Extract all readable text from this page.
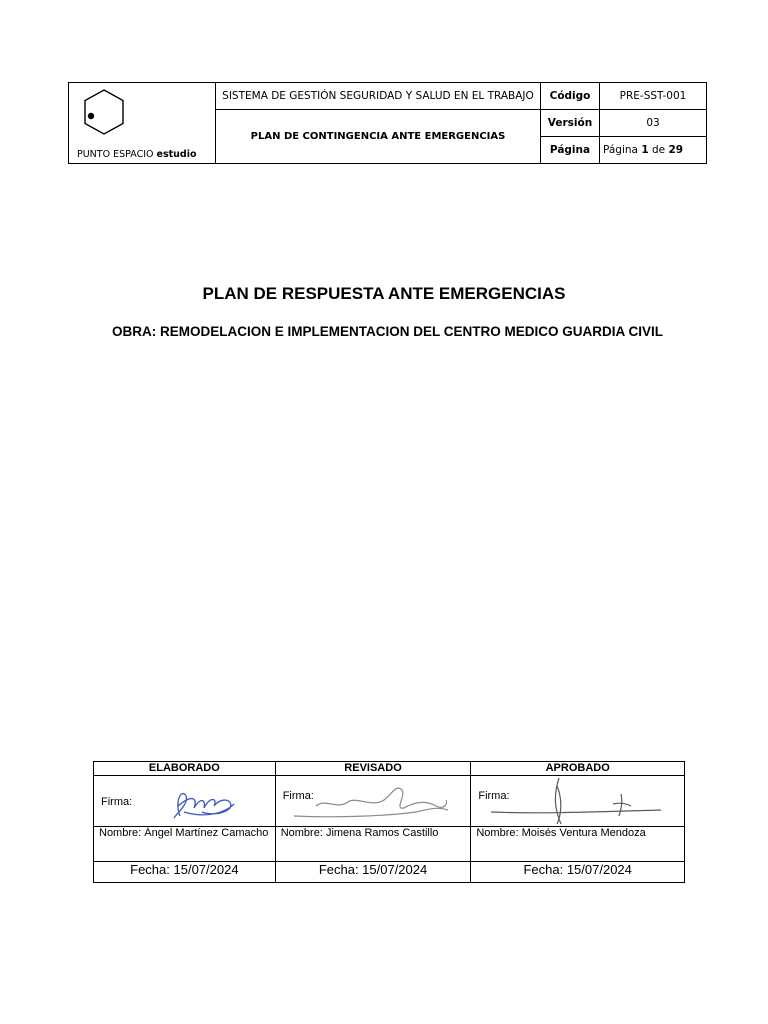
PUNTO ESPACIO estudio	SISTEMA DE GESTIÓN SEGURIDAD Y SALUD EN EL TRABAJO	Código	PRE-SST-001
	PLAN DE CONTINGENCIA ANTE EMERGENCIAS	Versión	03
		Página	Página 1 de 29
PLAN DE RESPUESTA ANTE EMERGENCIAS
OBRA: REMODELACION E IMPLEMENTACION DEL CENTRO MEDICO GUARDIA CIVIL
ELABORADO	REVISADO	APROBADO

Firma:	Firma:	Firma:

Nombre: Ángel Martínez Camacho	Nombre: Jimena Ramos Castillo	Nombre: Moisés Ventura Mendoza
Fecha: 15/07/2024	Fecha: 15/07/2024	Fecha: 15/07/2024
